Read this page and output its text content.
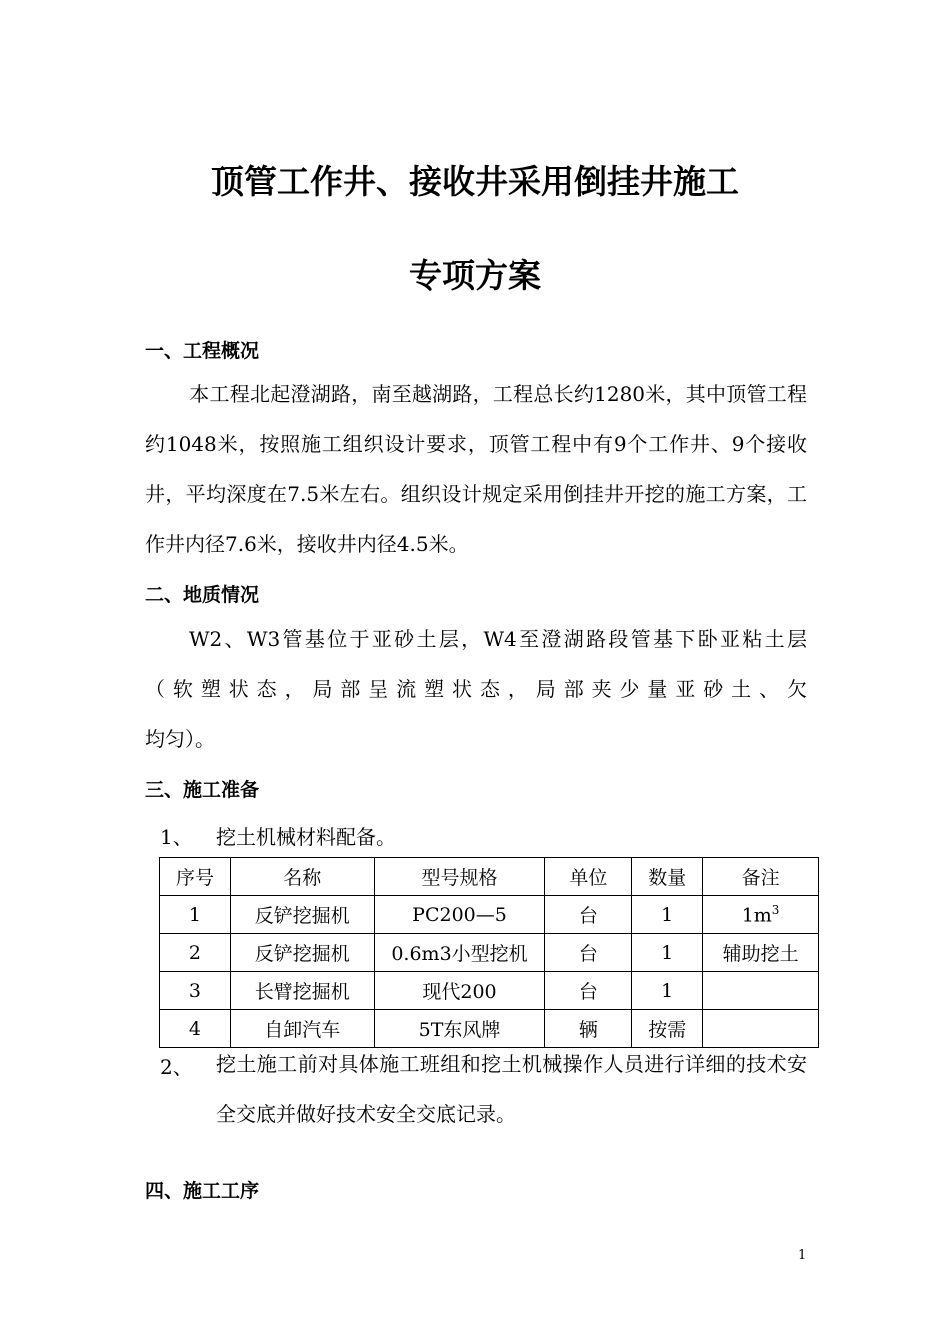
顶管工作井、接收井采用倒挂井施工
专项方案
一、工程概况

本工程北起澄湖路，南至越湖路，工程总长约1280米，其中顶管工程约1048米，按照施工组织设计要求，顶管工程中有9个工作井、9个接收井，平均深度在7.5米左右。组织设计规定采用倒挂井开挖的施工方案，工作井内径7.6米，接收井内径4.5米。

二、地质情况

W2、W3管基位于亚砂土层，W4至澄湖路段管基下卧亚粘土层

（软塑状态，局部呈流塑状态，局部夹少量亚砂土、欠

均匀）。

三、施工准备
1、 挖土机械材料配备。
序号	名称	型号规格	单位	数量	备注
1	反铲挖掘机	PC200—5	台	1	$1m^3$
2	反铲挖掘机	0.6m3小型挖机	台	1	辅助挖土
3	长臂挖掘机	现代200	台	1	
4	自卸汽车	5T东风牌	辆	按需	
2、 挖土施工前对具体施工班组和挖土机械操作人员进行详细的技术安全交底并做好技术安全交底记录。

四、施工工序
1
